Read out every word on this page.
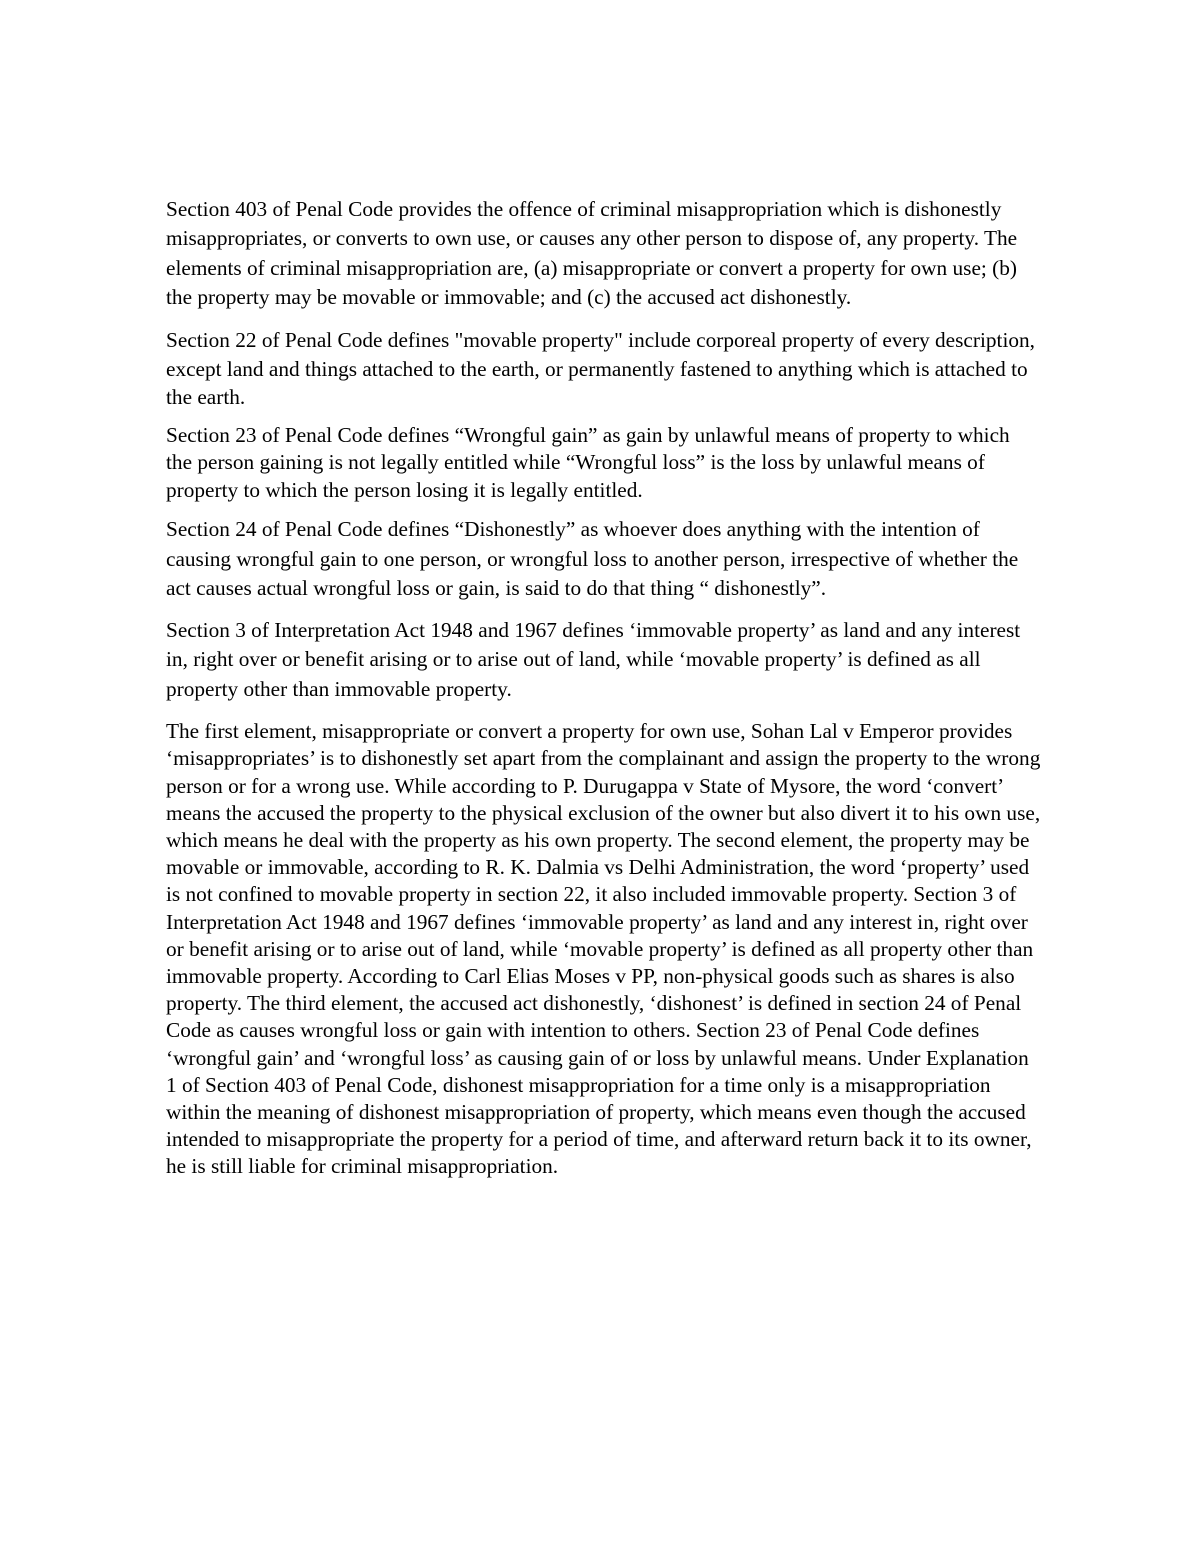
Section 403 of Penal Code provides the offence of criminal misappropriation which is dishonestly misappropriates, or converts to own use, or causes any other person to dispose of, any property. The elements of criminal misappropriation are, (a) misappropriate or convert a property for own use; (b) the property may be movable or immovable; and (c) the accused act dishonestly.

Section 22 of Penal Code defines "movable property" include corporeal property of every description, except land and things attached to the earth, or permanently fastened to anything which is attached to the earth.

Section 23 of Penal Code defines “Wrongful gain” as gain by unlawful means of property to which the person gaining is not legally entitled while “Wrongful loss” is the loss by unlawful means of property to which the person losing it is legally entitled.

Section 24 of Penal Code defines “Dishonestly” as whoever does anything with the intention of causing wrongful gain to one person, or wrongful loss to another person, irrespective of whether the act causes actual wrongful loss or gain, is said to do that thing “ dishonestly”.

Section 3 of Interpretation Act 1948 and 1967 defines ‘immovable property’ as land and any interest in, right over or benefit arising or to arise out of land, while ‘movable property’ is defined as all property other than immovable property.

The first element, misappropriate or convert a property for own use, Sohan Lal v Emperor provides ‘misappropriates’ is to dishonestly set apart from the complainant and assign the property to the wrong person or for a wrong use. While according to P. Durugappa v State of Mysore, the word ‘convert’ means the accused the property to the physical exclusion of the owner but also divert it to his own use, which means he deal with the property as his own property. The second element, the property may be movable or immovable, according to R. K. Dalmia vs Delhi Administration, the word ‘property’ used is not confined to movable property in section 22, it also included immovable property. Section 3 of Interpretation Act 1948 and 1967 defines ‘immovable property’ as land and any interest in, right over or benefit arising or to arise out of land, while ‘movable property’ is defined as all property other than immovable property. According to Carl Elias Moses v PP, non-physical goods such as shares is also property. The third element, the accused act dishonestly, ‘dishonest’ is defined in section 24 of Penal Code as causes wrongful loss or gain with intention to others. Section 23 of Penal Code defines ‘wrongful gain’ and ‘wrongful loss’ as causing gain of or loss by unlawful means. Under Explanation 1 of Section 403 of Penal Code, dishonest misappropriation for a time only is a misappropriation within the meaning of dishonest misappropriation of property, which means even though the accused intended to misappropriate the property for a period of time, and afterward return back it to its owner, he is still liable for criminal misappropriation.
